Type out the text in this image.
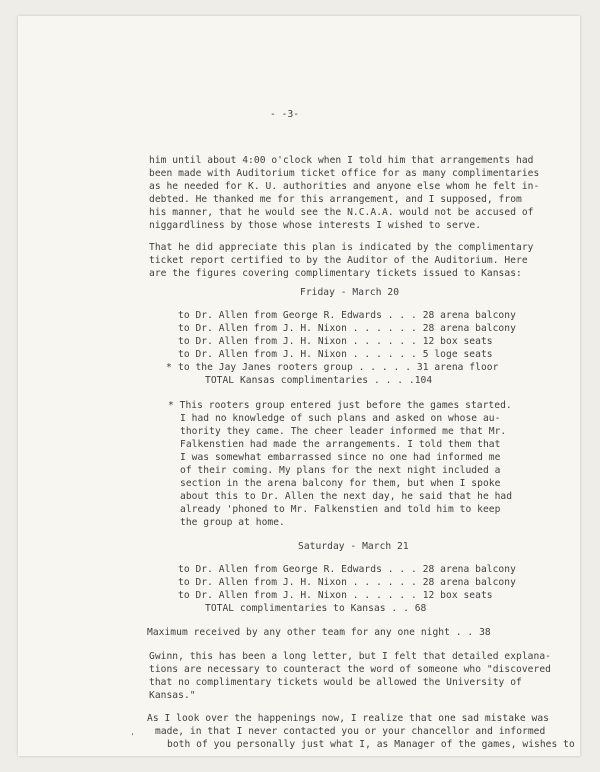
- -3-
him until about 4:00 o'clock when I told him that arrangements had
been made with Auditorium ticket office for as many complimentaries
as he needed for K. U. authorities and anyone else whom he felt in-
debted. He thanked me for this arrangement, and I supposed, from
his manner, that he would see the N.C.A.A. would not be accused of
niggardliness by those whose interests I wished to serve.
That he did appreciate this plan is indicated by the complimentary
ticket report certified to by the Auditor of the Auditorium. Here
are the figures covering complimentary tickets issued to Kansas:
Friday - March 20
to Dr. Allen from George R. Edwards . . . 28 arena balcony
to Dr. Allen from J. H. Nixon . . . . . . 28 arena balcony
to Dr. Allen from J. H. Nixon . . . . . . 12 box seats
to Dr. Allen from J. H. Nixon . . . . . . 5 loge seats
* to the Jay Janes rooters group . . . . . 31 arena floor
TOTAL Kansas complimentaries . . . .104
* This rooters group entered just before the games started.
I had no knowledge of such plans and asked on whose au-
thority they came. The cheer leader informed me that Mr.
Falkenstien had made the arrangements. I told them that
I was somewhat embarrassed since no one had informed me
of their coming. My plans for the next night included a
section in the arena balcony for them, but when I spoke
about this to Dr. Allen the next day, he said that he had
already 'phoned to Mr. Falkenstien and told him to keep
the group at home.
Saturday - March 21
to Dr. Allen from George R. Edwards . . . 28 arena balcony
to Dr. Allen from J. H. Nixon . . . . . . 28 arena balcony
to Dr. Allen from J. H. Nixon . . . . . . 12 box seats
TOTAL complimentaries to Kansas . . 68
Maximum received by any other team for any one night . . 38
Gwinn, this has been a long letter, but I felt that detailed explana-
tions are necessary to counteract the word of someone who "discovered
that no complimentary tickets would be allowed the University of
Kansas."
As I look over the happenings now, I realize that one sad mistake was
made, in that I never contacted you or your chancellor and informed
both of you personally just what I, as Manager of the games, wishes to
'
